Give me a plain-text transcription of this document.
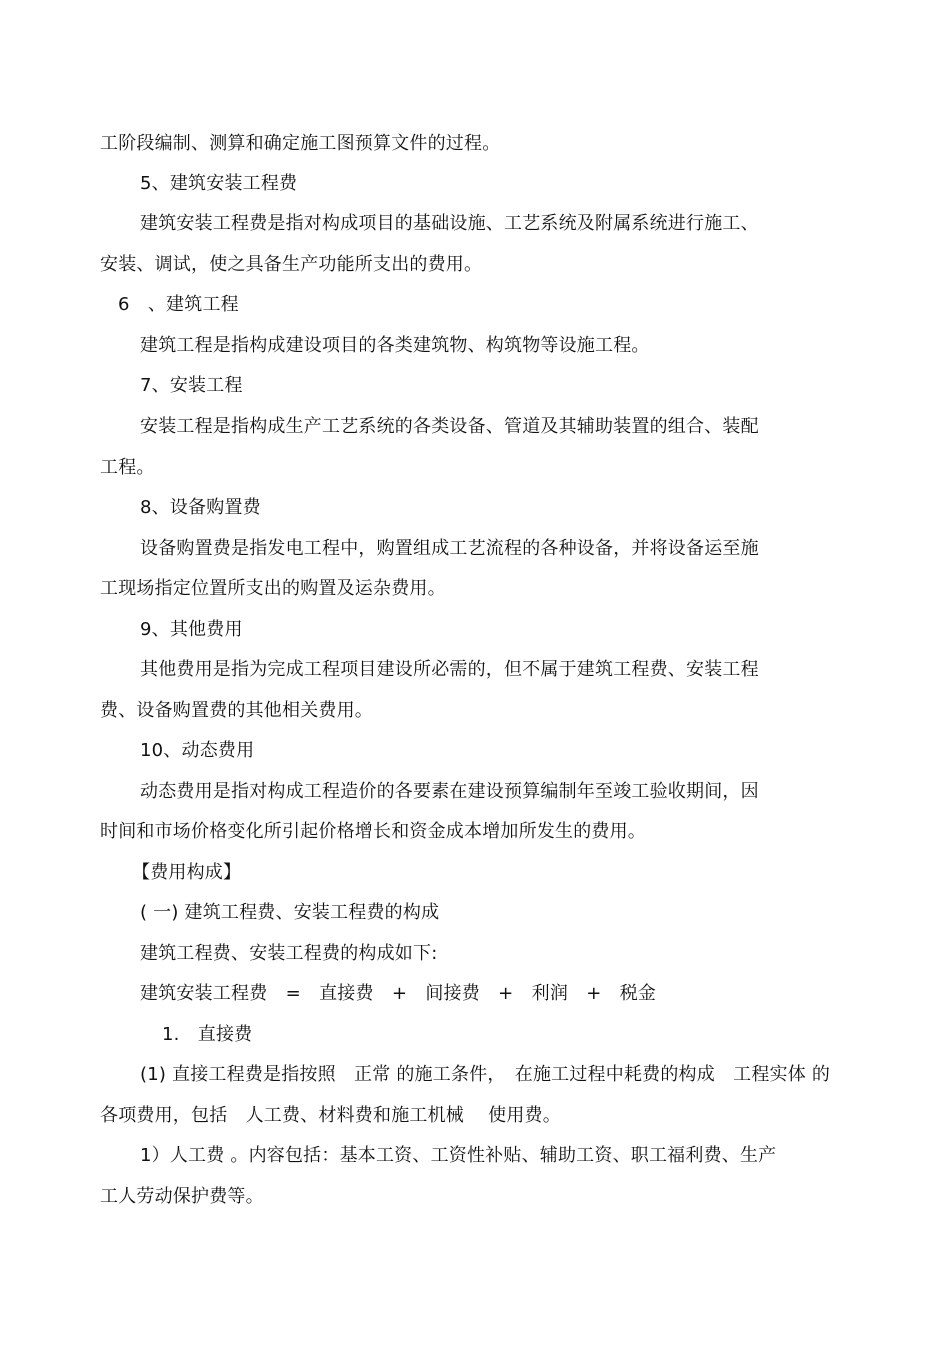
工阶段编制、测算和确定施工图预算文件的过程。
5、建筑安装工程费
建筑安装工程费是指对构成项目的基础设施、工艺系统及附属系统进行施工、
安装、调试，使之具备生产功能所支出的费用。
6　、建筑工程
建筑工程是指构成建设项目的各类建筑物、构筑物等设施工程。
7、安装工程
安装工程是指构成生产工艺系统的各类设备、管道及其辅助装置的组合、装配
工程。
8、设备购置费
设备购置费是指发电工程中，购置组成工艺流程的各种设备，并将设备运至施
工现场指定位置所支出的购置及运杂费用。
9、其他费用
其他费用是指为完成工程项目建设所必需的，但不属于建筑工程费、安装工程
费、设备购置费的其他相关费用。
10、动态费用
动态费用是指对构成工程造价的各要素在建设预算编制年至竣工验收期间，因
时间和市场价格变化所引起价格增长和资金成本增加所发生的费用。
【费用构成】
( 一) 建筑工程费、安装工程费的构成
建筑工程费、安装工程费的构成如下:
建筑安装工程费　=　直接费　+　间接费　+　利润　+　税金
1.　直接费
(1) 直接工程费是指按照　正常 的施工条件，　在施工过程中耗费的构成　工程实体 的
各项费用，包括　人工费、材料费和施工机械　 使用费。
1）人工费 。内容包括：基本工资、工资性补贴、辅助工资、职工福利费、生产
工人劳动保护费等。
